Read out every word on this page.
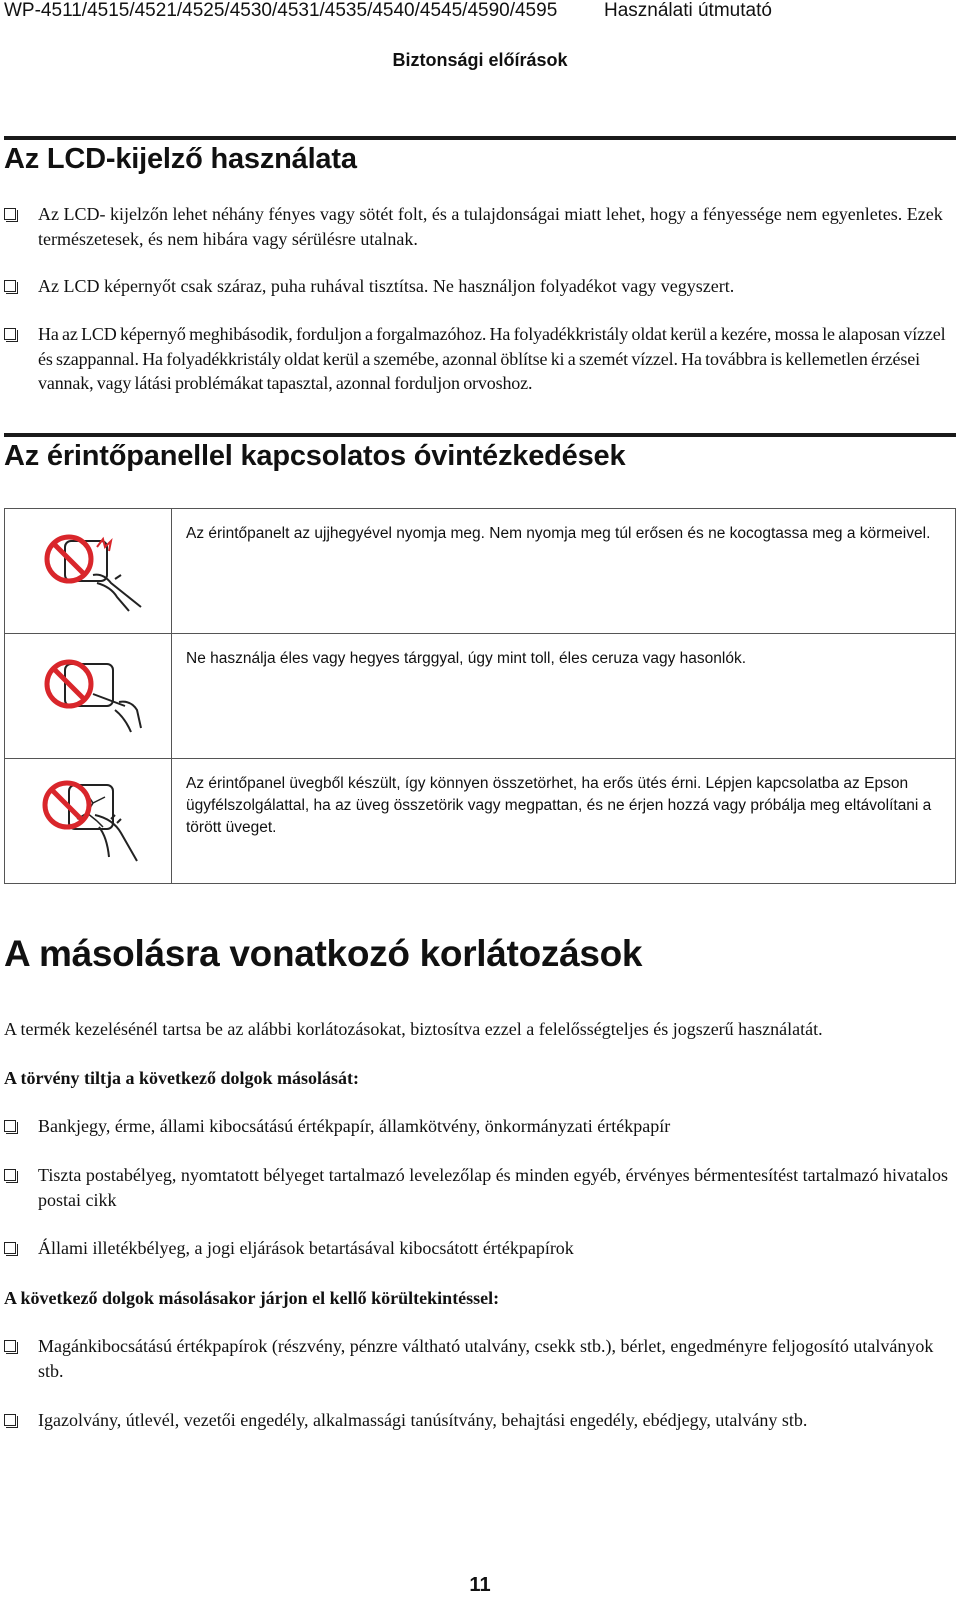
WP-4511/4515/4521/4525/4530/4531/4535/4540/4545/4590/4595 Használati útmutató
Biztonsági előírások
Az LCD-kijelző használata
Az LCD- kijelzőn lehet néhány fényes vagy sötét folt, és a tulajdonságai miatt lehet, hogy a fényessége nem egyenletes. Ezek természetesek, és nem hibára vagy sérülésre utalnak.
Az LCD képernyőt csak száraz, puha ruhával tisztítsa. Ne használjon folyadékot vagy vegyszert.
Ha az LCD képernyő meghibásodik, forduljon a forgalmazóhoz. Ha folyadékkristály oldat kerül a kezére, mossa le alaposan vízzel és szappannal. Ha folyadékkristály oldat kerül a szemébe, azonnal öblítse ki a szemét vízzel. Ha továbbra is kellemetlen érzései vannak, vagy látási problémákat tapasztal, azonnal forduljon orvoshoz.
Az érintőpanellel kapcsolatos óvintézkedések
	Az érintőpanelt az ujjhegyével nyomja meg. Nem nyomja meg túl erősen és ne kocogtassa meg a körmeivel.

	Ne használja éles vagy hegyes tárggyal, úgy mint toll, éles ceruza vagy hasonlók.

	Az érintőpanel üvegből készült, így könnyen összetörhet, ha erős ütés érni. Lépjen kapcsolatba az Epson ügyfélszolgálattal, ha az üveg összetörik vagy megpattan, és ne érjen hozzá vagy próbálja meg eltávolítani a törött üveget.
A másolásra vonatkozó korlátozások

A termék kezelésénél tartsa be az alábbi korlátozásokat, biztosítva ezzel a felelősségteljes és jogszerű használatát.

A törvény tiltja a következő dolgok másolását:

Bankjegy, érme, állami kibocsátású értékpapír, államkötvény, önkormányzati értékpapír
Tiszta postabélyeg, nyomtatott bélyeget tartalmazó levelezőlap és minden egyéb, érvényes bérmentesítést tartalmazó hivatalos postai cikk
Állami illetékbélyeg, a jogi eljárások betartásával kibocsátott értékpapírok

A következő dolgok másolásakor járjon el kellő körültekintéssel:

Magánkibocsátású értékpapírok (részvény, pénzre váltható utalvány, csekk stb.), bérlet, engedményre feljogosító utalványok stb.
Igazolvány, útlevél, vezetői engedély, alkalmassági tanúsítvány, behajtási engedély, ebédjegy, utalvány stb.
11
